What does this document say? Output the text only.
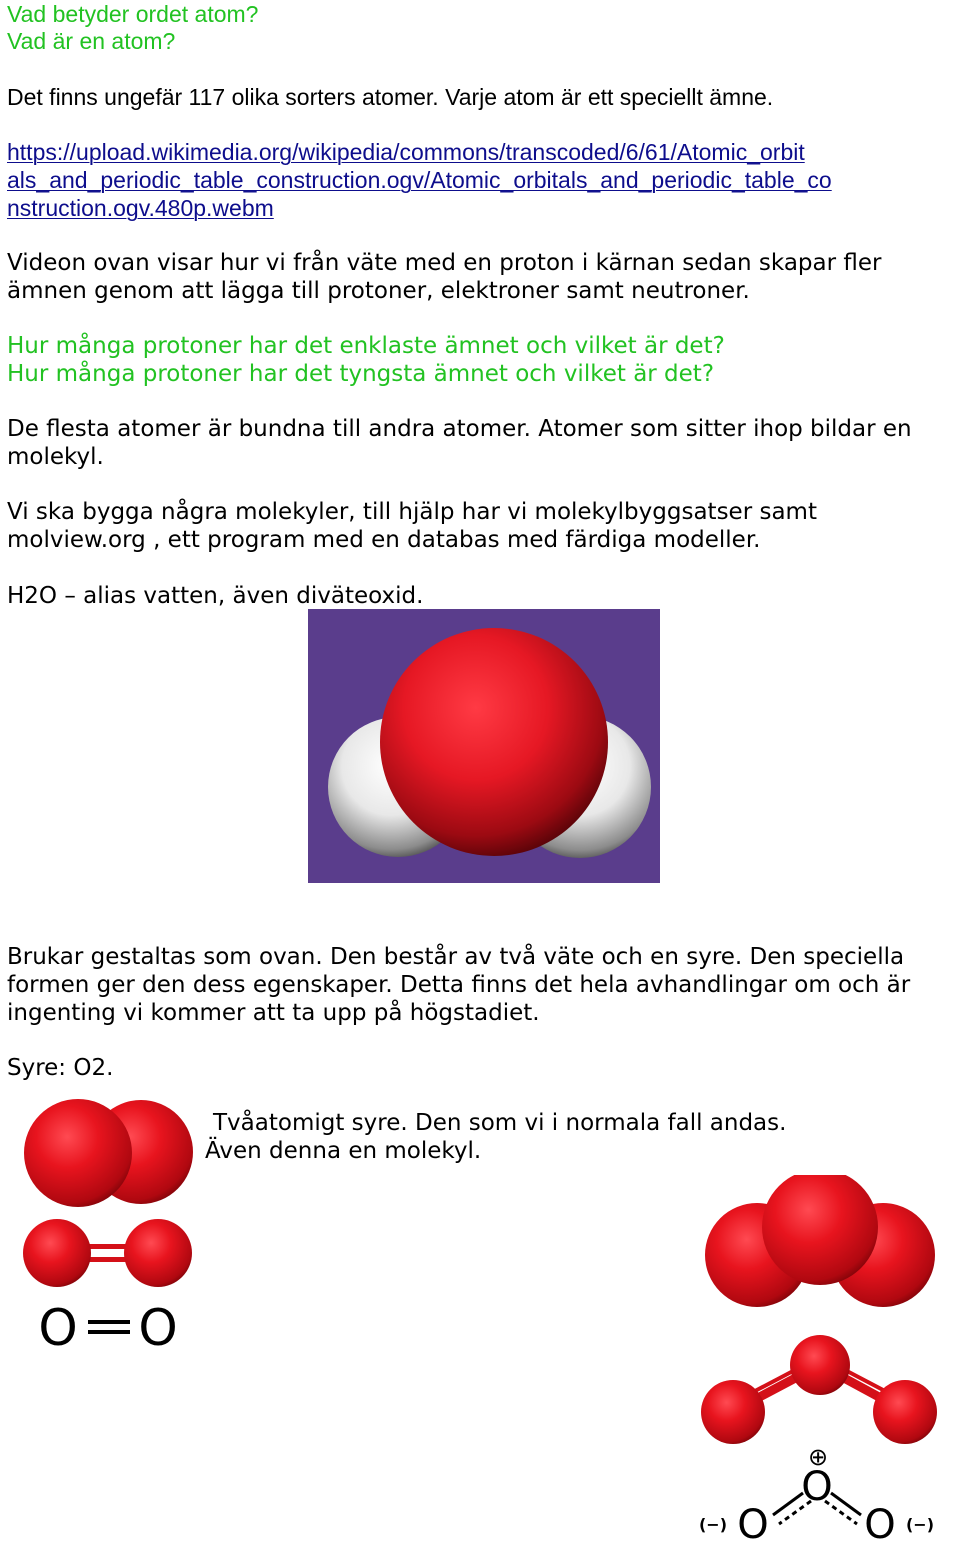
Vad betyder ordet atom?

Vad är en atom?

Det finns ungefär 117 olika sorters atomer. Varje atom är ett speciellt ämne.

https://upload.wikimedia.org/wikipedia/commons/transcoded/6/61/Atomic_orbit
als_and_periodic_table_construction.ogv/Atomic_orbitals_and_periodic_table_co
nstruction.ogv.480p.webm

Videon ovan visar hur vi från väte med en proton i kärnan sedan skapar fler

ämnen genom att lägga till protoner, elektroner samt neutroner.

Hur många protoner har det enklaste ämnet och vilket är det?

Hur många protoner har det tyngsta ämnet och vilket är det?

De flesta atomer är bundna till andra atomer. Atomer som sitter ihop bildar en

molekyl.

Vi ska bygga några molekyler, till hjälp har vi molekylbyggsatser samt

molview.org , ett program med en databas med färdiga modeller.

H2O – alias vatten, även diväteoxid.

Brukar gestaltas som ovan. Den består av två väte och en syre. Den speciella

formen ger den dess egenskaper. Detta finns det hela avhandlingar om och är

ingenting vi kommer att ta upp på högstadiet.

Syre: O2.

Tvåatomigt syre. Den som vi i normala fall andas.

Även denna en molekyl.

O O
⊕
O
O O
(−)	(−)
